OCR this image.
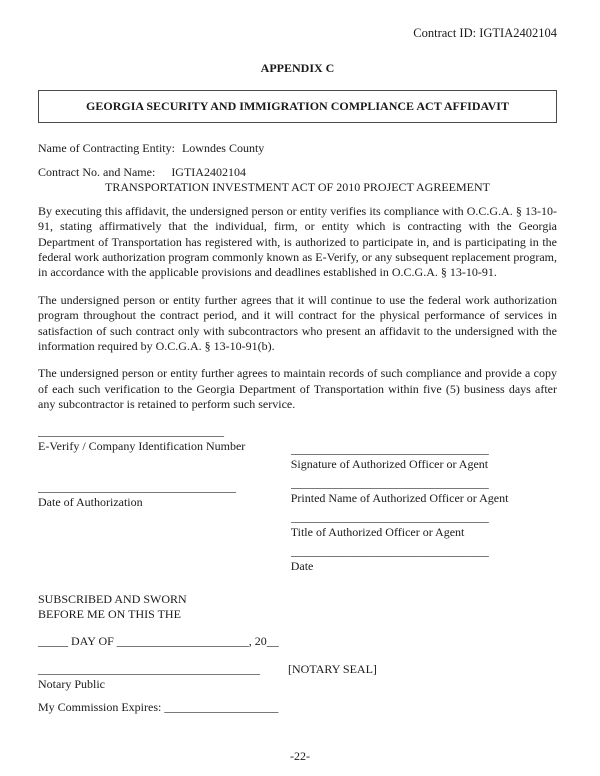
Contract ID: IGTIA2402104
APPENDIX C
GEORGIA SECURITY AND IMMIGRATION COMPLIANCE ACT AFFIDAVIT
Name of Contracting Entity: Lowndes County
Contract No. and Name: IGTIA2402104
TRANSPORTATION INVESTMENT ACT OF 2010 PROJECT AGREEMENT

By executing this affidavit, the undersigned person or entity verifies its compliance with O.C.G.A. § 13-10-91, stating affirmatively that the individual, firm, or entity which is contracting with the Georgia Department of Transportation has registered with, is authorized to participate in, and is participating in the federal work authorization program commonly known as E-Verify, or any subsequent replacement program, in accordance with the applicable provisions and deadlines established in O.C.G.A. § 13-10-91.

The undersigned person or entity further agrees that it will continue to use the federal work authorization program throughout the contract period, and it will contract for the physical performance of services in satisfaction of such contract only with subcontractors who present an affidavit to the undersigned with the information required by O.C.G.A. § 13-10-91(b).

The undersigned person or entity further agrees to maintain records of such compliance and provide a copy of each such verification to the Georgia Department of Transportation within five (5) business days after any subcontractor is retained to perform such service.

_______________________________
E-Verify / Company Identification Number
_________________________________
Date of Authorization
_________________________________
Signature of Authorized Officer or Agent
_________________________________
Printed Name of Authorized Officer or Agent
_________________________________
Title of Authorized Officer or Agent
_________________________________
Date
SUBSCRIBED AND SWORN
BEFORE ME ON THIS THE
_____ DAY OF ______________________, 20__
_____________________________________ [NOTARY SEAL]
Notary Public
My Commission Expires: ___________________
-22-
